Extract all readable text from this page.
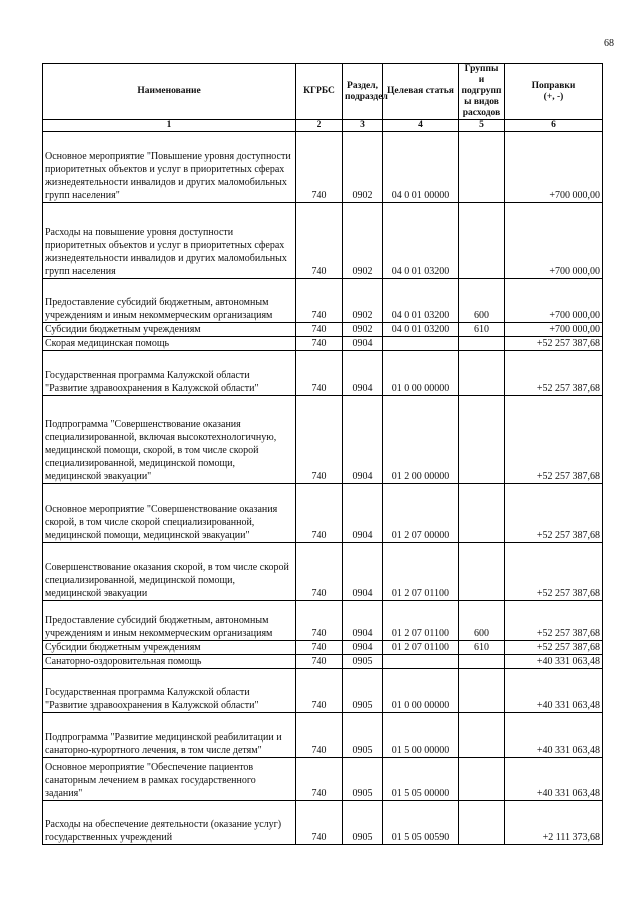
68
Наименование	КГРБС	Раздел, подраздел	Целевая статья	Группы и подгрупп ы видов расходов	Поправки
(+, -)

1	2	3	4	5	6
Основное мероприятие "Повышение уровня доступности приоритетных объектов и услуг в приоритетных сферах жизнедеятельности инвалидов и других маломобильных групп населения"	740	0902	04 0 01 00000		+700 000,00
Расходы на повышение уровня доступности приоритетных объектов и услуг в приоритетных сферах жизнедеятельности инвалидов и других маломобильных групп населения	740	0902	04 0 01 03200		+700 000,00
Предоставление субсидий бюджетным, автономным учреждениям и иным некоммерческим организациям	740	0902	04 0 01 03200	600	+700 000,00
Субсидии бюджетным учреждениям	740	0902	04 0 01 03200	610	+700 000,00
Скорая медицинская помощь	740	0904			+52 257 387,68
Государственная программа Калужской области "Развитие здравоохранения в Калужской области"	740	0904	01 0 00 00000		+52 257 387,68
Подпрограмма "Совершенствование оказания специализированной, включая высокотехнологичную, медицинской помощи, скорой, в том числе скорой специализированной, медицинской помощи, медицинской эвакуации"	740	0904	01 2 00 00000		+52 257 387,68
Основное мероприятие "Совершенствование оказания скорой, в том числе скорой специализированной, медицинской помощи, медицинской эвакуации"	740	0904	01 2 07 00000		+52 257 387,68
Совершенствование оказания скорой, в том числе скорой специализированной, медицинской помощи, медицинской эвакуации	740	0904	01 2 07 01100		+52 257 387,68
Предоставление субсидий бюджетным, автономным учреждениям и иным некоммерческим организациям	740	0904	01 2 07 01100	600	+52 257 387,68
Субсидии бюджетным учреждениям	740	0904	01 2 07 01100	610	+52 257 387,68
Санаторно-оздоровительная помощь	740	0905			+40 331 063,48
Государственная программа Калужской области "Развитие здравоохранения в Калужской области"	740	0905	01 0 00 00000		+40 331 063,48
Подпрограмма "Развитие медицинской реабилитации и санаторно-курортного лечения, в том числе детям"	740	0905	01 5 00 00000		+40 331 063,48
Основное мероприятие "Обеспечение пациентов санаторным лечением в рамках государственного задания"	740	0905	01 5 05 00000		+40 331 063,48
Расходы на обеспечение деятельности (оказание услуг) государственных учреждений	740	0905	01 5 05 00590		+2 111 373,68
